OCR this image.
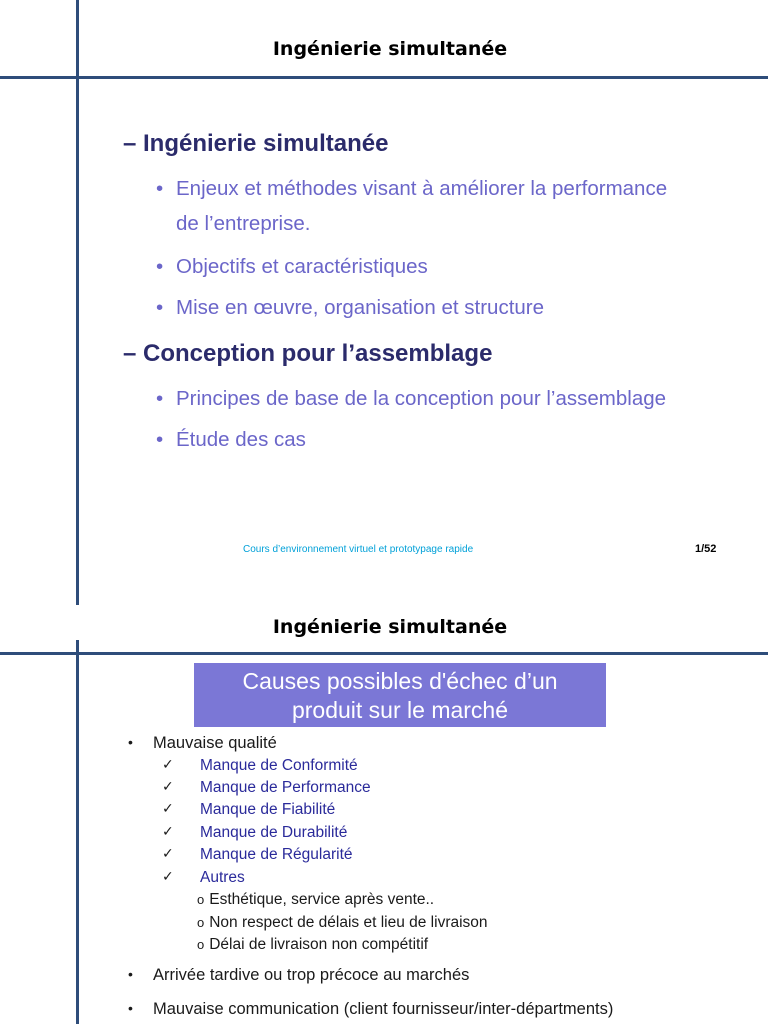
Ingénierie simultanée
– Ingénierie simultanée
• Enjeux et méthodes visant à améliorer la performance
de l’entreprise.
• Objectifs et caractéristiques
• Mise en œuvre, organisation et structure
– Conception pour l’assemblage
• Principes de base de la conception pour l’assemblage
• Étude des cas
Cours d’environnement virtuel et prototypage rapide	1/52
Ingénierie simultanée
Causes possibles d'échec d’un
produit sur le marché
• Mauvaise qualité
✓ Manque de Conformité
✓ Manque de Performance
✓ Manque de Fiabilité
✓ Manque de Durabilité
✓ Manque de Régularité
✓ Autres
o Esthétique, service après vente..
o Non respect de délais et lieu de livraison
o Délai de livraison non compétitif
• Arrivée tardive ou trop précoce au marchés
• Mauvaise communication (client fournisseur/inter-départments)
